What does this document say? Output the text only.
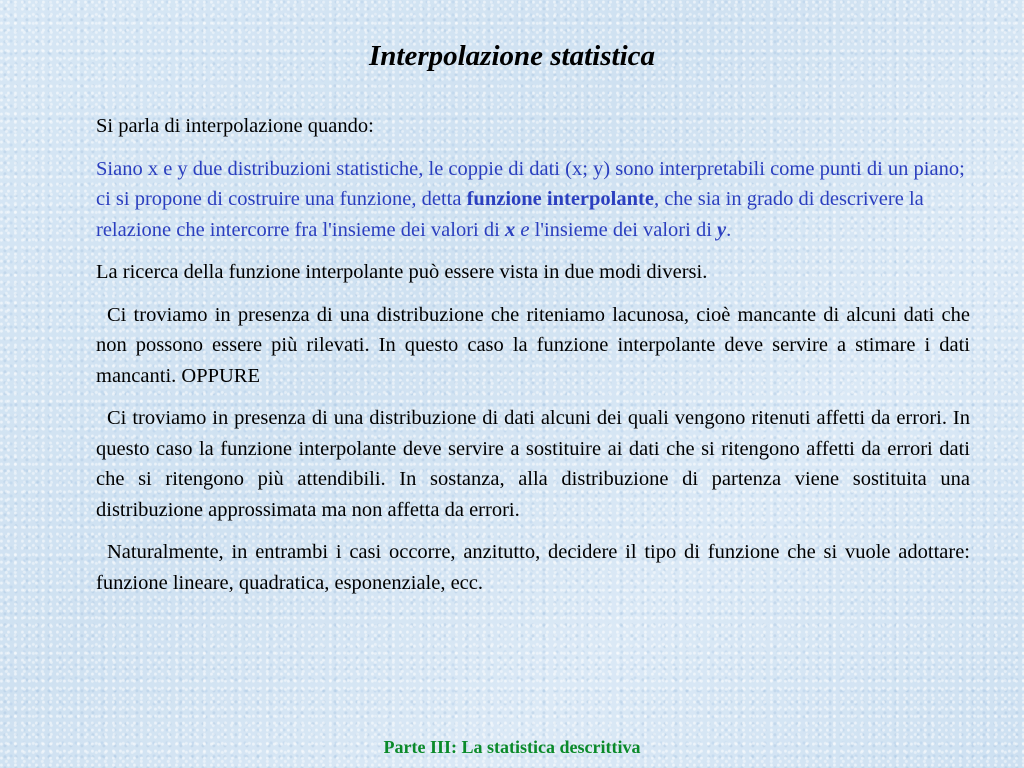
Interpolazione statistica

Si parla di interpolazione quando:

Siano x e y due distribuzioni statistiche, le coppie di dati (x; y) sono interpretabili come punti di un piano; ci si propone di costruire una funzione, detta funzione interpolante, che sia in grado di descrivere la relazione che intercorre fra l'insieme dei valori di x e l'insieme dei valori di y.

La ricerca della funzione interpolante può essere vista in due modi diversi.

Ci troviamo in presenza di una distribuzione che riteniamo lacunosa, cioè mancante di alcuni dati che non possono essere più rilevati. In questo caso la funzione interpolante deve servire a stimare i dati mancanti. OPPURE

Ci troviamo in presenza di una distribuzione di dati alcuni dei quali vengono ritenuti affetti da errori. In questo caso la funzione interpolante deve servire a sostituire ai dati che si ritengono affetti da errori dati che si ritengono più attendibili. In sostanza, alla distribuzione di partenza viene sostituita una distribuzione approssimata ma non affetta da errori.

Naturalmente, in entrambi i casi occorre, anzitutto, decidere il tipo di funzione che si vuole adottare: funzione lineare, quadratica, esponenziale, ecc.

Parte III: La statistica descrittiva
